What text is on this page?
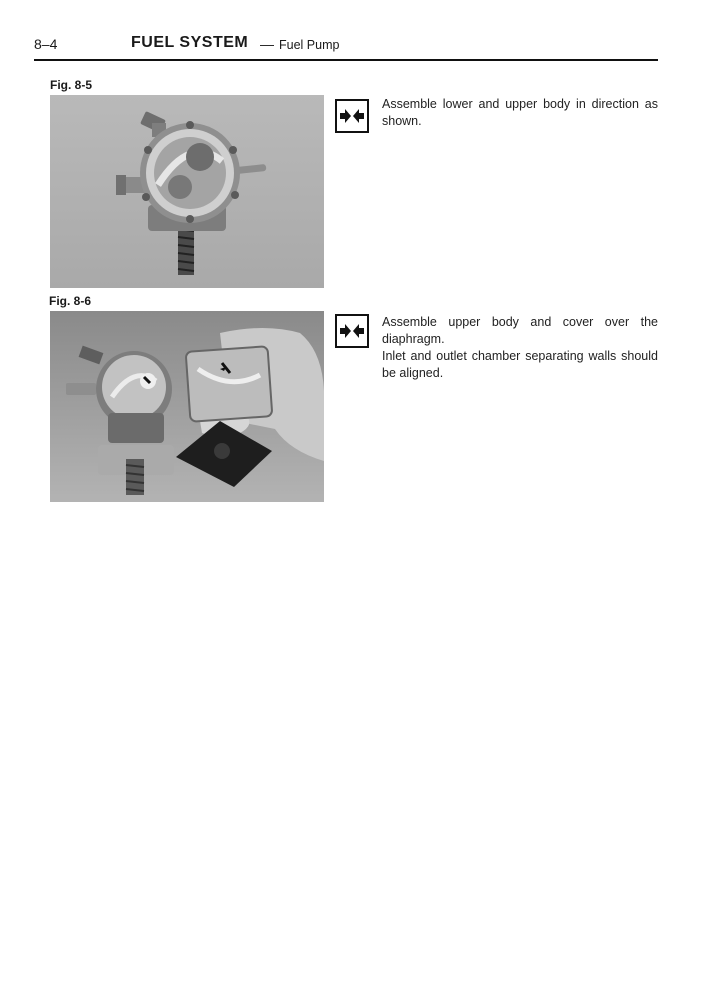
8–4	FUEL SYSTEM — Fuel Pump
Fig. 8-5

Assemble lower and upper body in direction as

shown.

Fig. 8-6

Assemble upper body and cover over the

diaphragm.

Inlet and outlet chamber separating walls should

be aligned.
